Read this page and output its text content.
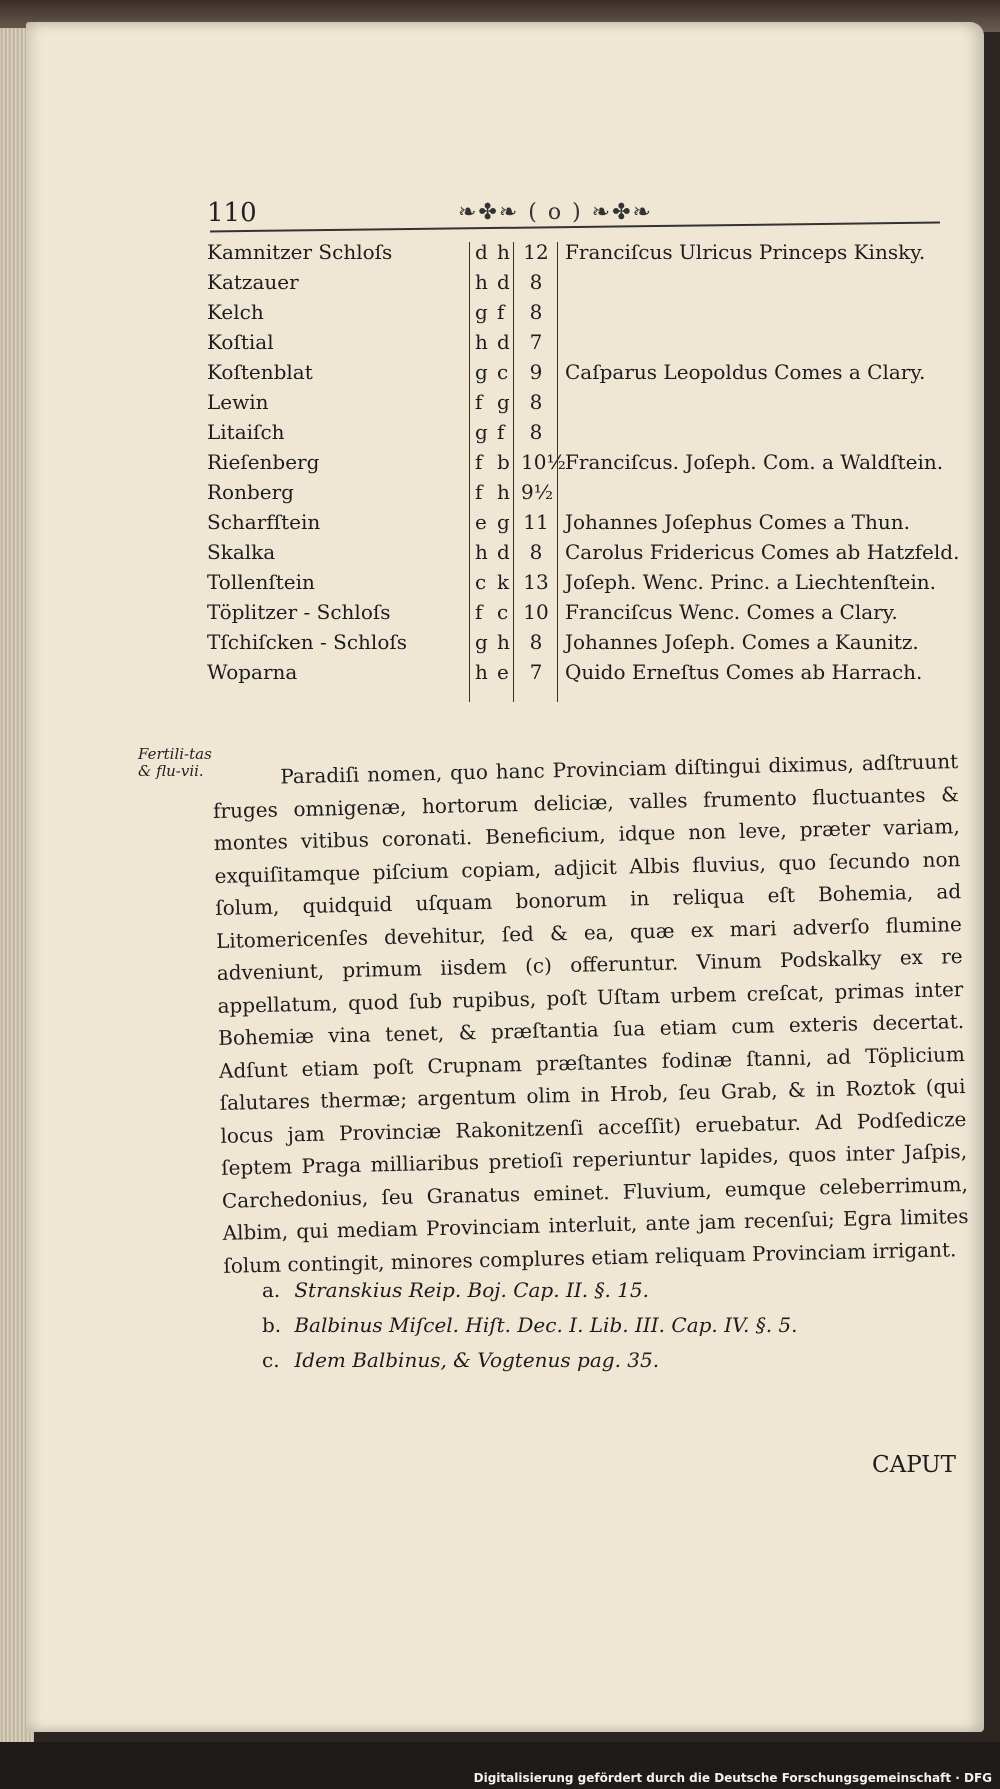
110	❧✤❧ ( o ) ❧✤❧
Kamnitzer Schloſs	d h 12 Franciſcus Ulricus Princeps Kinsky.
Katzauer	h d 8
Kelch	g f	8
Koſtial	h d 7
Koſtenblat	g c	9	Caſparus Leopoldus Comes a Clary.
Lewin	f g 8
Litaiſch	g f	8
Rieſenberg	f b 10½ Franciſcus. Joſeph. Com. a Waldſtein.
Ronberg	f h 9½
Scharfſtein	e g 11 Johannes Joſephus Comes a Thun.
Skalka	h d 8	Carolus Fridericus Comes ab Hatzfeld.
Tollenſtein	c k 13 Joſeph. Wenc. Princ. a Liechtenſtein.
Töplitzer - Schloſs	f c 10 Franciſcus Wenc. Comes a Clary.
Tſchiſcken - Schloſs	g h 8	Johannes Joſeph. Comes a Kaunitz.
Woparna	h e	7	Quido Erneſtus Comes ab Harrach.
Fertili-tas & flu-vii.	Paradiſi nomen, quo hanc Provinciam diſtingui diximus, adſtruunt fruges omnigenæ, hortorum deliciæ, valles frumento fluctuantes & montes vitibus coronati. Beneficium, idque non leve, præter variam, exquiſitamque piſcium copiam, adjicit Albis fluvius, quo ſecundo non ſolum, quidquid uſquam bonorum in reliqua eſt Bohemia, ad Litomericenſes devehitur, ſed & ea, quæ ex mari adverſo flumine adveniunt, primum iisdem (c) offeruntur. Vinum Podskalky ex re appellatum, quod ſub rupibus, poſt Uſtam urbem creſcat, primas inter Bohemiæ vina tenet, & præſtantia ſua etiam cum exteris decertat. Adſunt etiam poſt Crupnam præſtantes fodinæ ſtanni, ad Töplicium ſalutares thermæ; argentum olim in Hrob, ſeu Grab, & in Roztok (qui locus jam Provinciæ Rakonitzenſi acceſſit) eruebatur. Ad Podſedicze ſeptem Praga milliaribus pretioſi reperiuntur lapides, quos inter Jaſpis, Carchedonius, ſeu Granatus eminet. Fluvium, eumque celeberrimum, Albim, qui mediam Provinciam interluit, ante jam recenſui; Egra limites ſolum contingit, minores complures etiam reliquam Provinciam irrigant.

a. Stranskius Reip. Boj. Cap. II. §. 15.
b. Balbinus Miſcel. Hiſt. Dec. I. Lib. III. Cap. IV. §. 5.
c. Idem Balbinus, & Vogtenus pag. 35.
CAPUT
Digitalisierung gefördert durch die Deutsche Forschungsgemeinschaft · DFG
